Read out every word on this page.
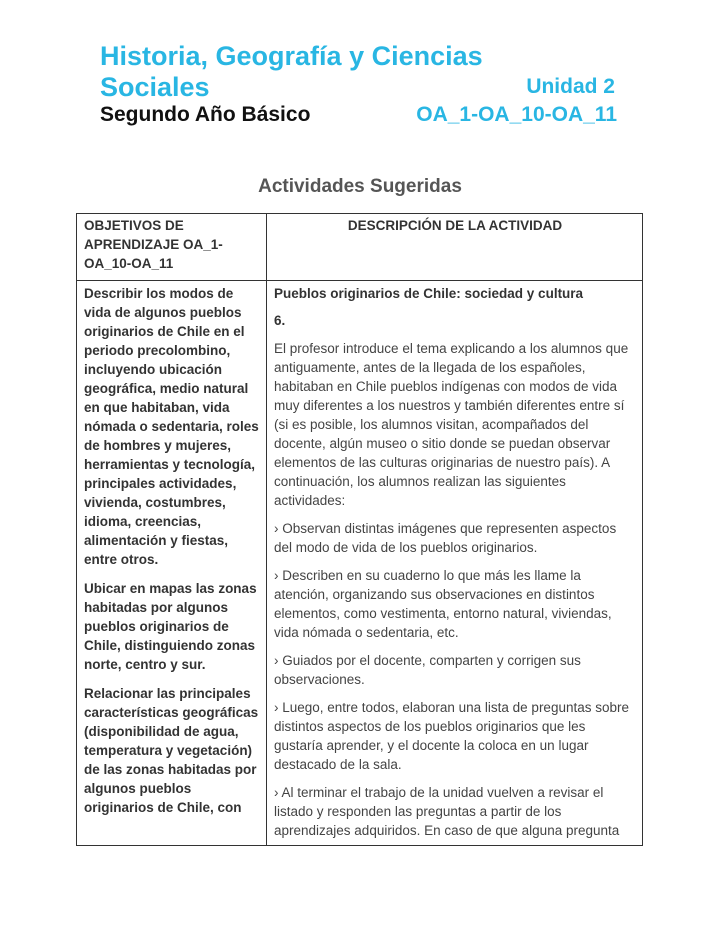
Historia, Geografía y Ciencias
Sociales	Unidad 2
Segundo Año Básico	OA_1-OA_10-OA_11
Actividades Sugeridas
OBJETIVOS DE APRENDIZAJE OA_1-OA_10-OA_11
DESCRIPCIÓN DE LA ACTIVIDAD

Describir los modos de vida de algunos pueblos originarios de Chile en el periodo precolombino, incluyendo ubicación geográfica, medio natural en que habitaban, vida nómada o sedentaria, roles de hombres y mujeres, herramientas y tecnología, principales actividades, vivienda, costumbres, idioma, creencias, alimentación y fiestas, entre otros.

Ubicar en mapas las zonas habitadas por algunos pueblos originarios de Chile, distinguiendo zonas norte, centro y sur.

Relacionar las principales características geográficas (disponibilidad de agua, temperatura y vegetación) de las zonas habitadas por algunos pueblos originarios de Chile, con

Pueblos originarios de Chile: sociedad y cultura

6.

El profesor introduce el tema explicando a los alumnos que antiguamente, antes de la llegada de los españoles, habitaban en Chile pueblos indígenas con modos de vida muy diferentes a los nuestros y también diferentes entre sí (si es posible, los alumnos visitan, acompañados del docente, algún museo o sitio donde se puedan observar elementos de las culturas originarias de nuestro país). A continuación, los alumnos realizan las siguientes actividades:

› Observan distintas imágenes que representen aspectos del modo de vida de los pueblos originarios.

› Describen en su cuaderno lo que más les llame la atención, organizando sus observaciones en distintos elementos, como vestimenta, entorno natural, viviendas, vida nómada o sedentaria, etc.

› Guiados por el docente, comparten y corrigen sus observaciones.

› Luego, entre todos, elaboran una lista de preguntas sobre distintos aspectos de los pueblos originarios que les gustaría aprender, y el docente la coloca en un lugar destacado de la sala.

› Al terminar el trabajo de la unidad vuelven a revisar el listado y responden las preguntas a partir de los aprendizajes adquiridos. En caso de que alguna pregunta
